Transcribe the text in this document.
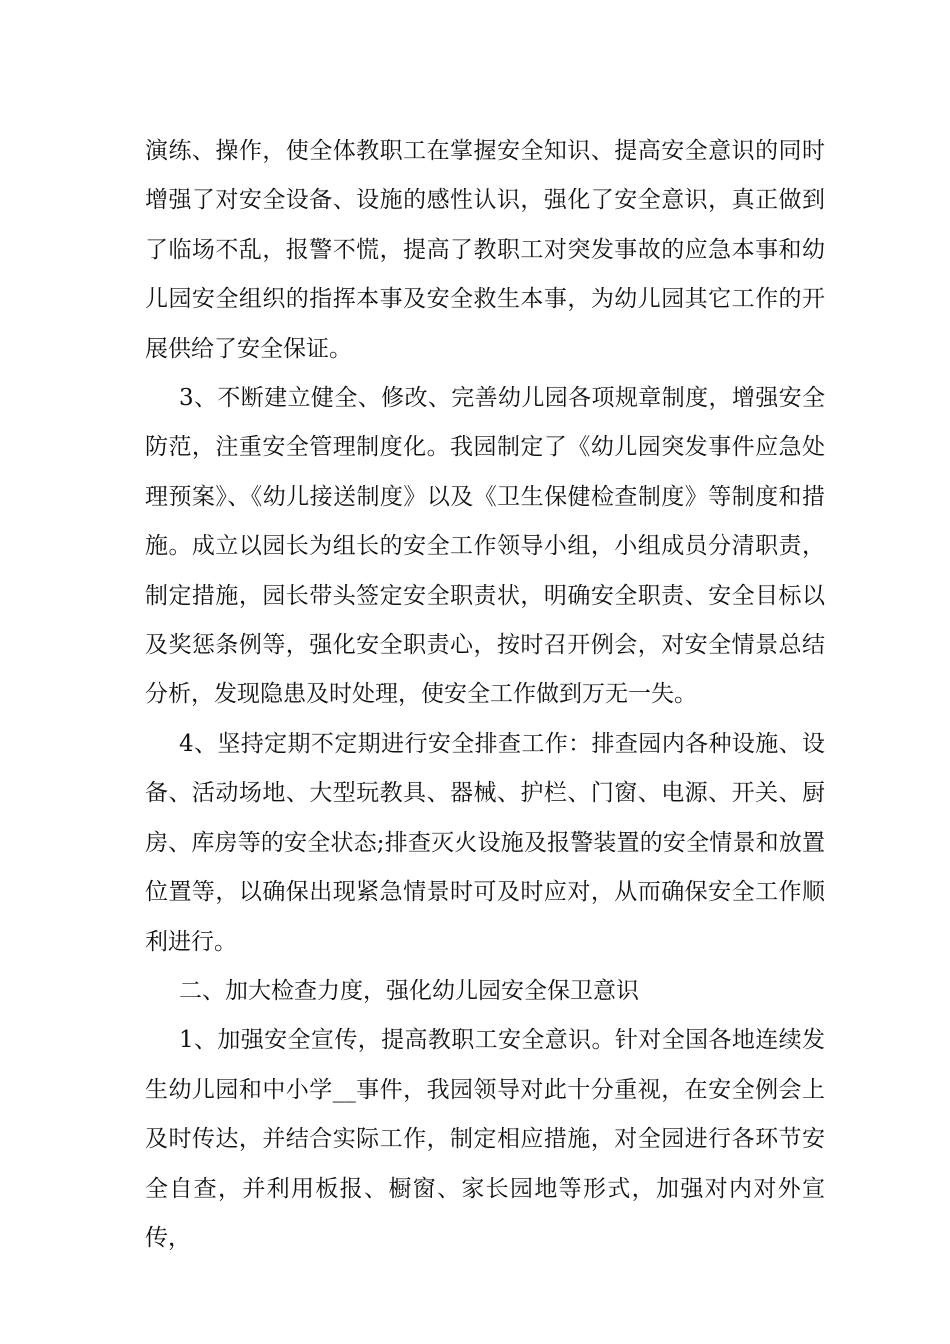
演练、操作，使全体教职工在掌握安全知识、提高安全意识的同时增强了对安全设备、设施的感性认识，强化了安全意识，真正做到了临场不乱，报警不慌，提高了教职工对突发事故的应急本事和幼儿园安全组织的指挥本事及安全救生本事，为幼儿园其它工作的开展供给了安全保证。

3、不断建立健全、修改、完善幼儿园各项规章制度，增强安全防范，注重安全管理制度化。我园制定了《幼儿园突发事件应急处理预案》、《幼儿接送制度》以及《卫生保健检查制度》等制度和措施。成立以园长为组长的安全工作领导小组，小组成员分清职责，制定措施，园长带头签定安全职责状，明确安全职责、安全目标以及奖惩条例等，强化安全职责心，按时召开例会，对安全情景总结分析，发现隐患及时处理，使安全工作做到万无一失。

4、坚持定期不定期进行安全排查工作：排查园内各种设施、设备、活动场地、大型玩教具、器械、护栏、门窗、电源、开关、厨房、库房等的安全状态;排查灭火设施及报警装置的安全情景和放置位置等，以确保出现紧急情景时可及时应对，从而确保安全工作顺利进行。

二、加大检查力度，强化幼儿园安全保卫意识

1、加强安全宣传，提高教职工安全意识。针对全国各地连续发生幼儿园和中小学__事件，我园领导对此十分重视，在安全例会上及时传达，并结合实际工作，制定相应措施，对全园进行各环节安全自查，并利用板报、橱窗、家长园地等形式，加强对内对外宣传，
